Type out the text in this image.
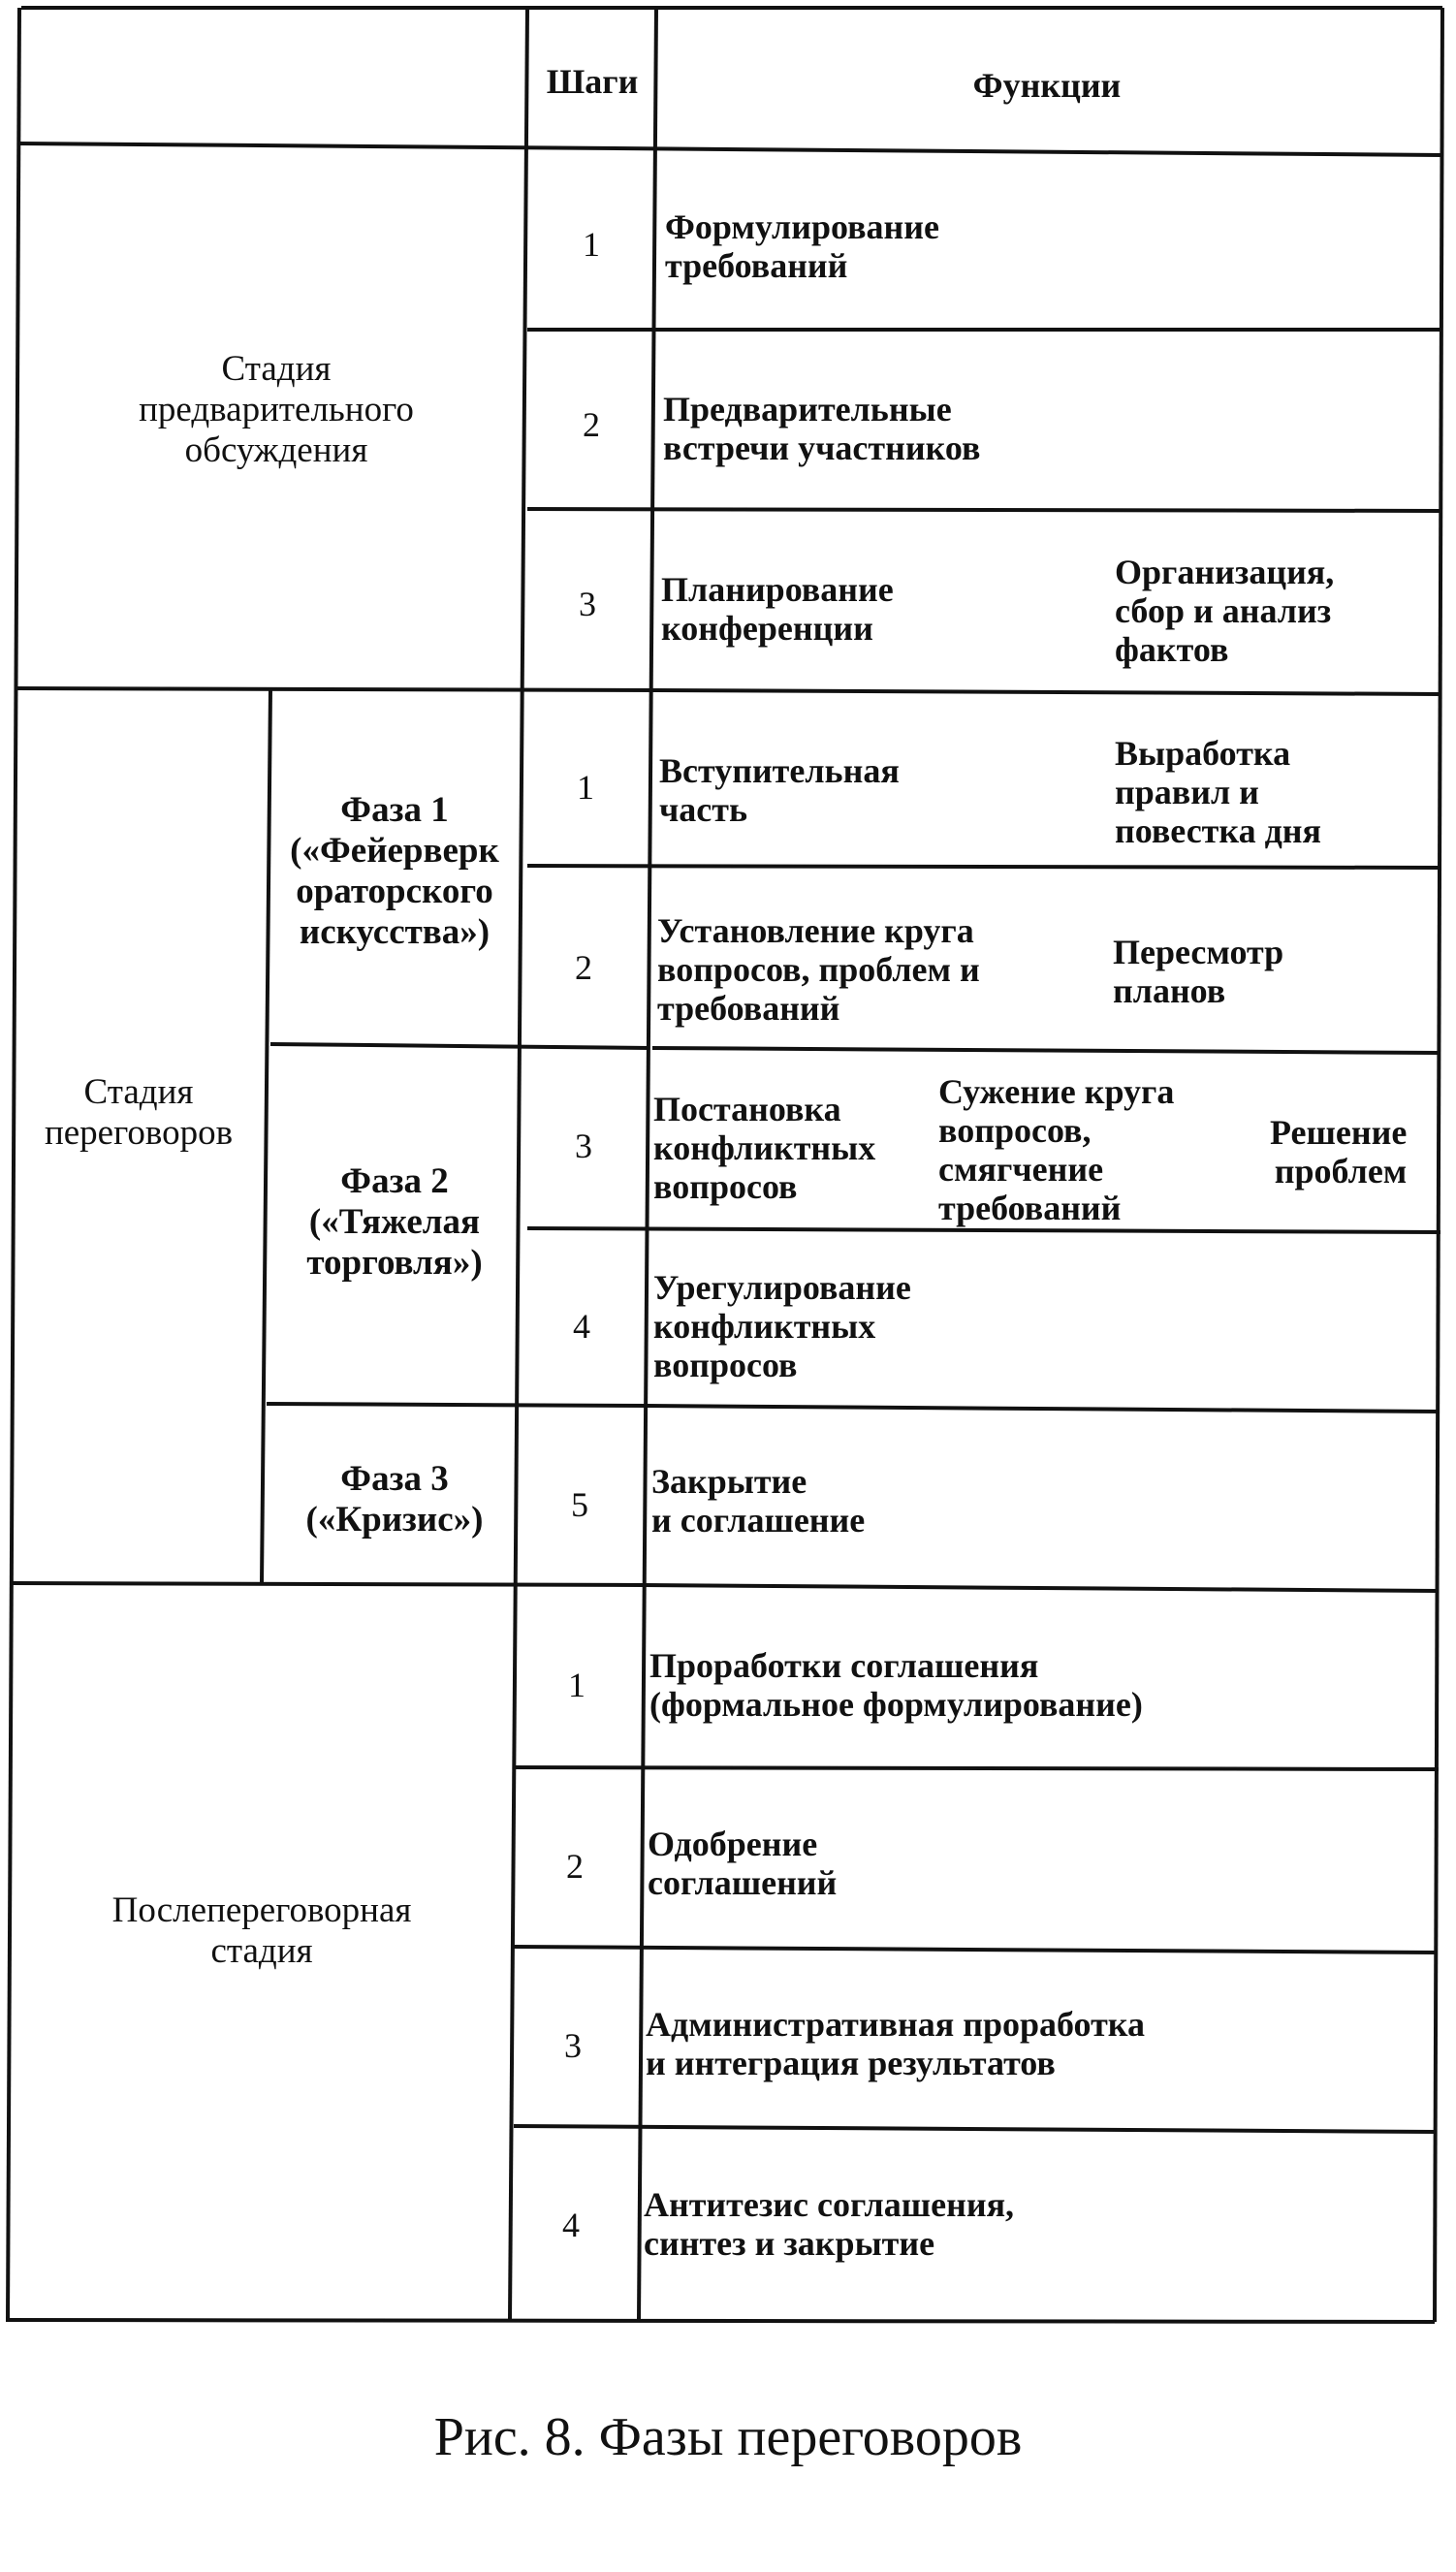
Шаги	Функции
Стадия
предварительного
обсуждения
Стадия
переговоров
Послепереговорная
стадия
Фаза 1
(«Фейерверк
ораторского
искусства»)
Фаза 2
(«Тяжелая
торговля»)
Фаза 3
(«Кризис»)
1
2
3
1
2
3
4
5
1
2
3
4
Формулирование
требований
Предварительные
встречи участников
Планирование
конференции
Организация,
сбор и анализ
фактов
Вступительная
часть
Выработка
правил и
повестка дня
Установление круга
вопросов, проблем и
требований
Пересмотр
планов
Постановка
конфликтных
вопросов
Сужение круга
вопросов,
смягчение
требований
Решение
проблем
Урегулирование
конфликтных
вопросов
Закрытие
и соглашение
Проработки соглашения
(формальное формулирование)
Одобрение
соглашений
Административная проработка
и интеграция результатов
Антитезис соглашения,
синтез и закрытие
Рис. 8. Фазы переговоров
